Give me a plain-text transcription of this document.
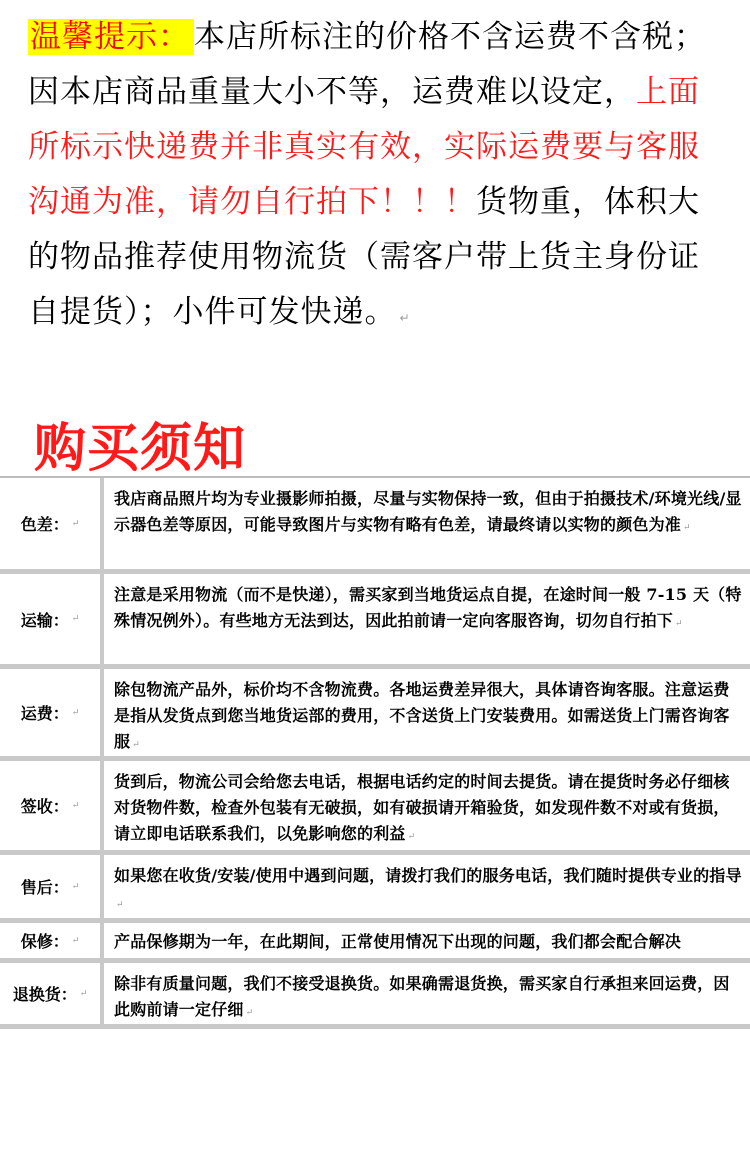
温馨提示： 本店所标注的价格不含运费不含税；因本店商品重量大小不等，运费难以设定，上面所标示快递费并非真实有效，实际运费要与客服沟通为准，请勿自行拍下！！！货物重，体积大的物品推荐使用物流货（需客户带上货主身份证自提货）；小件可发快递。 ↵
购买须知
色差： ↵
我店商品照片均为专业摄影师拍摄，尽量与实物保持一致，但由于拍摄技术/环境光线/显示器色差等原因，可能导致图片与实物有略有色差，请最终请以实物的颜色为准 ↵
运输： ↵
注意是采用物流（而不是快递），需买家到当地货运点自提，在途时间一般 7-15 天（特殊情况例外）。有些地方无法到达，因此拍前请一定向客服咨询，切勿自行拍下 ↵
运费： ↵
除包物流产品外，标价均不含物流费。各地运费差异很大，具体请咨询客服。注意运费是指从发货点到您当地货运部的费用，不含送货上门安装费用。如需送货上门需咨询客服 ↵
签收： ↵
货到后，物流公司会给您去电话，根据电话约定的时间去提货。请在提货时务必仔细核对货物件数，检查外包装有无破损，如有破损请开箱验货，如发现件数不对或有货损，请立即电话联系我们，以免影响您的利益 ↵
售后： ↵
如果您在收货/安装/使用中遇到问题，请拨打我们的服务电话，我们随时提供专业的指导↵
保修： ↵	产品保修期为一年，在此期间，正常使用情况下出现的问题，我们都会配合解决
退换货： ↵
除非有质量问题，我们不接受退换货。如果确需退货换，需买家自行承担来回运费，因此购前请一定仔细 ↵
